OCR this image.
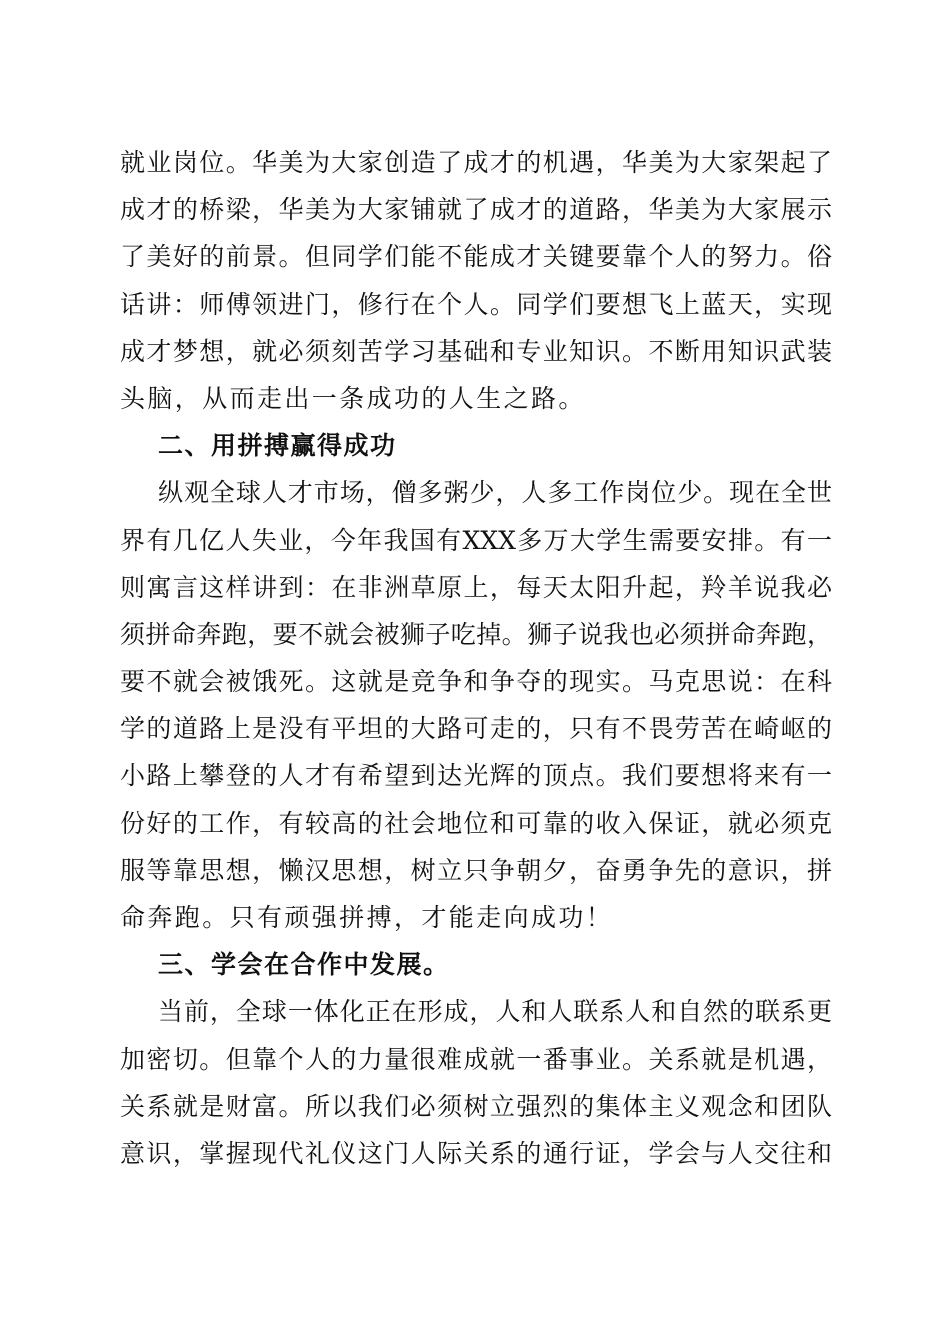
就业岗位。华美为大家创造了成才的机遇，华美为大家架起了
成才的桥梁，华美为大家铺就了成才的道路，华美为大家展示
了美好的前景。但同学们能不能成才关键要靠个人的努力。俗
话讲：师傅领进门，修行在个人。同学们要想飞上蓝天，实现
成才梦想，就必须刻苦学习基础和专业知识。不断用知识武装
头脑，从而走出一条成功的人生之路。
二、用拼搏赢得成功
纵观全球人才市场，僧多粥少，人多工作岗位少。现在全世
界有几亿人失业，今年我国有XXX多万大学生需要安排。有一
则寓言这样讲到：在非洲草原上，每天太阳升起，羚羊说我必
须拼命奔跑，要不就会被狮子吃掉。狮子说我也必须拼命奔跑，
要不就会被饿死。这就是竞争和争夺的现实。马克思说：在科
学的道路上是没有平坦的大路可走的，只有不畏劳苦在崎岖的
小路上攀登的人才有希望到达光辉的顶点。我们要想将来有一
份好的工作，有较高的社会地位和可靠的收入保证，就必须克
服等靠思想，懒汉思想，树立只争朝夕，奋勇争先的意识，拼
命奔跑。只有顽强拼搏，才能走向成功！
三、学会在合作中发展。
当前，全球一体化正在形成，人和人联系人和自然的联系更
加密切。但靠个人的力量很难成就一番事业。关系就是机遇，
关系就是财富。所以我们必须树立强烈的集体主义观念和团队
意识，掌握现代礼仪这门人际关系的通行证，学会与人交往和
